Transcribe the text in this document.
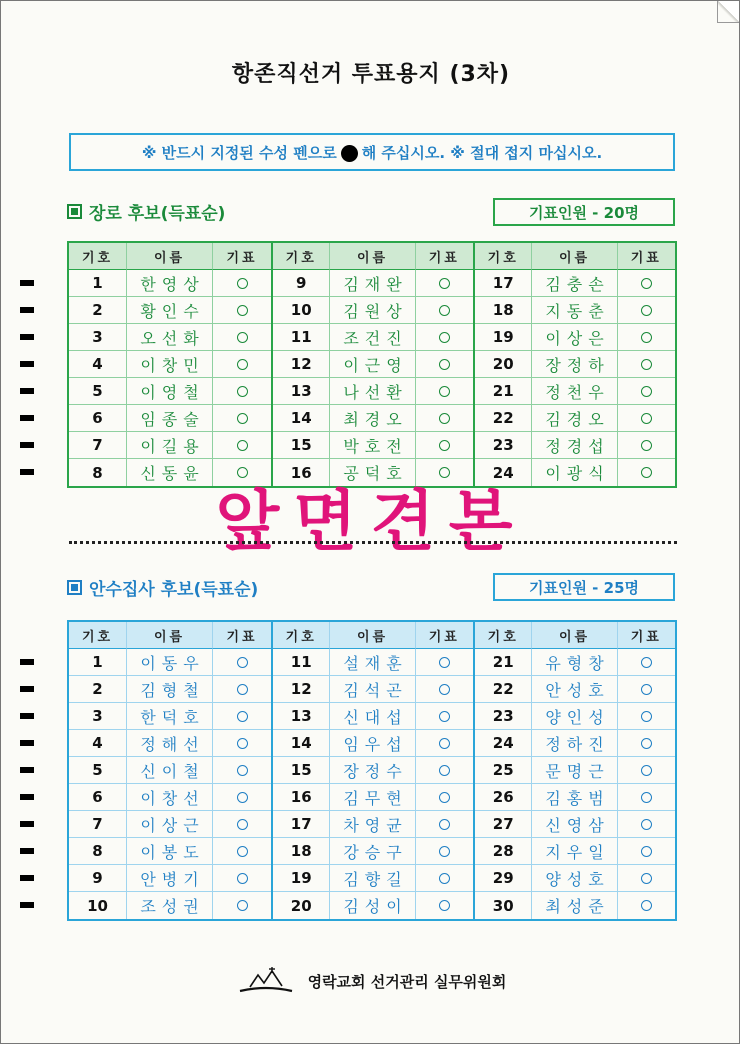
항존직선거 투표용지 (3차)
※ 반드시 지정된 수성 펜으로 해 주십시오. ※ 절대 접지 마십시오.
장로 후보(득표순)	기표인원 - 20명
기호	이름	기표
1	한영상
2	황인수
3	오선화
4	이창민
5	이영철
6	임종술
7	이길용
8	신동윤
기호	이름	기표
9	김재완
10	김원상
11	조건진
12	이근영
13	나선환
14	최경오
15	박호전
16	공덕호
기호	이름	기표
17	김충손
18	지동춘
19	이상은
20	장정하
21	정천우
22	김경오
23	정경섭
24	이광식
앞면견본
안수집사 후보(득표순)	기표인원 - 25명
기호	이름	기표
1	이동우
2	김형철
3	한덕호
4	정해선
5	신이철
6	이창선
7	이상근
8	이봉도
9	안병기
10	조성권
기호	이름	기표
11	설재훈
12	김석곤
13	신대섭
14	임우섭
15	장정수
16	김무현
17	차영균
18	강승구
19	김향길
20	김성이
기호	이름	기표
21	유형창
22	안성호
23	양인성
24	정하진
25	문명근
26	김홍범
27	신영삼
28	지우일
29	양성호
30	최성준
영락교회 선거관리 실무위원회
